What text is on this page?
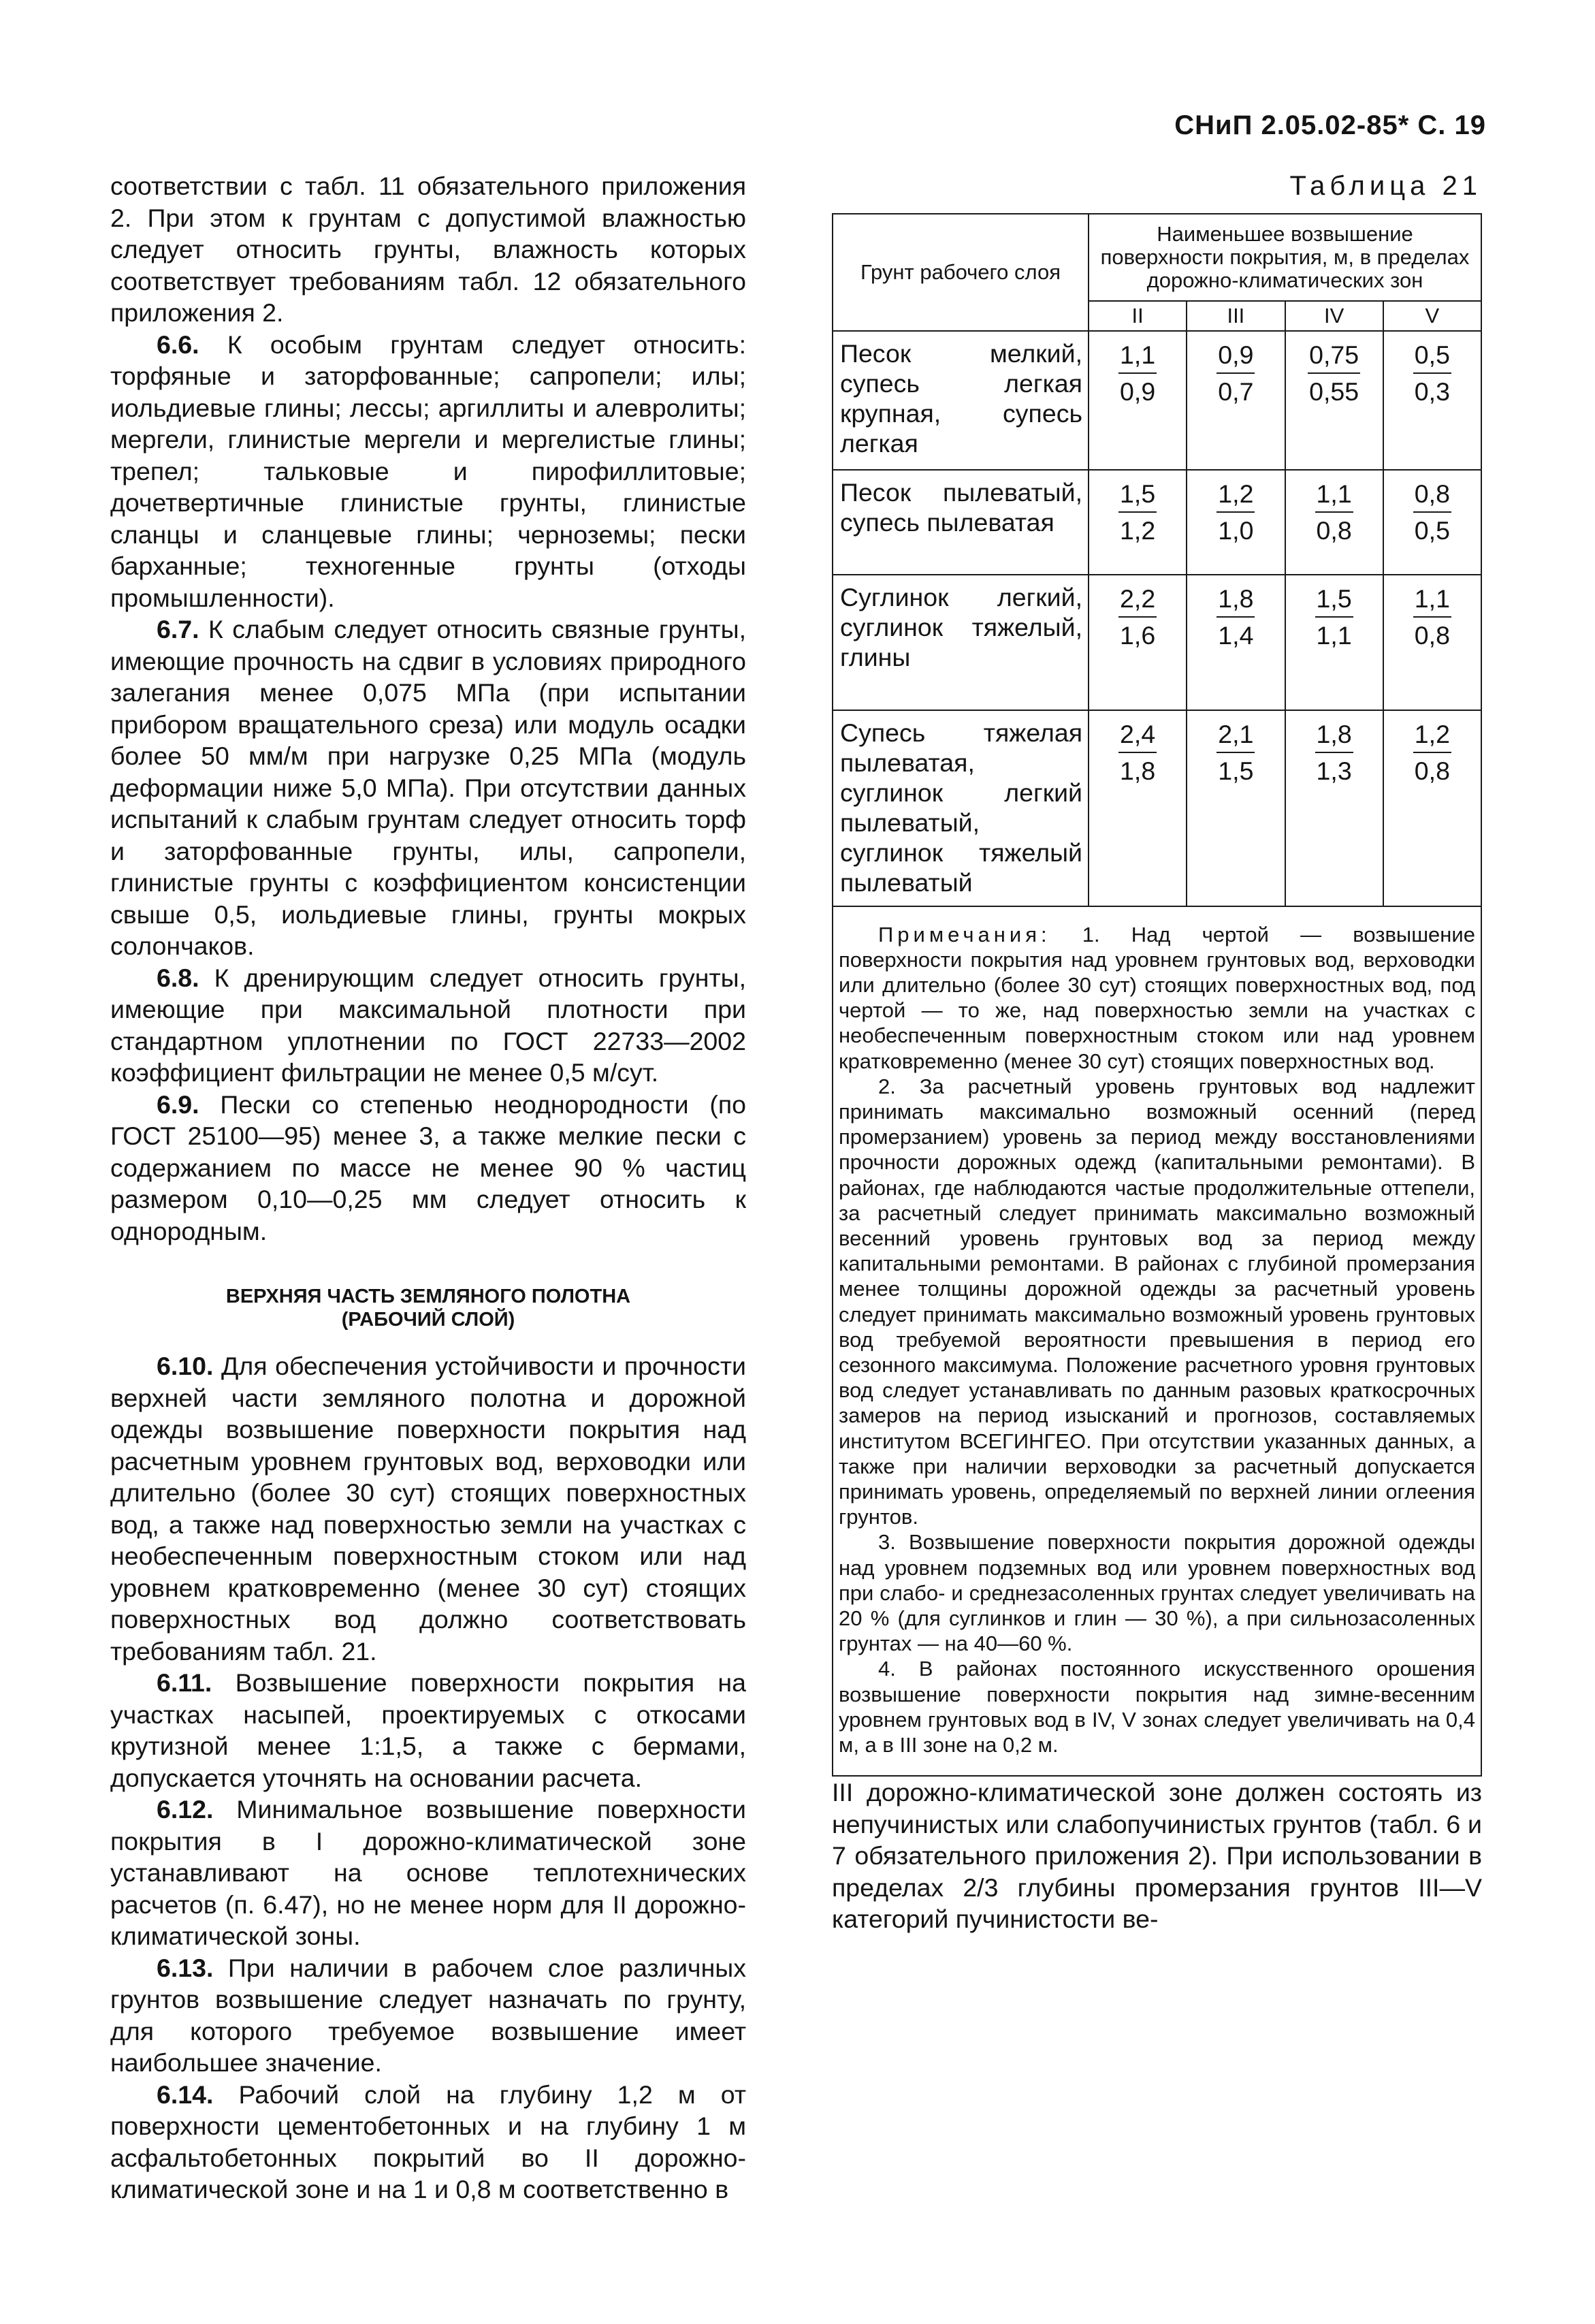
СНиП 2.05.02-85* С. 19

соответствии с табл. 11 обязательного приложения 2. При этом к грунтам с допустимой влажностью следует относить грунты, влажность которых соответствует требованиям табл. 12 обязательного приложения 2.

6.6. К особым грунтам следует относить: торфяные и заторфованные; сапропели; илы; иольдиевые глины; лессы; аргиллиты и алевролиты; мергели, глинистые мергели и мергелистые глины; трепел; тальковые и пирофиллитовые; дочетвертичные глинистые грунты, глинистые сланцы и сланцевые глины; черноземы; пески барханные; техногенные грунты (отходы промышленности).

6.7. К слабым следует относить связные грунты, имеющие прочность на сдвиг в условиях природного залегания менее 0,075 МПа (при испытании прибором вращательного среза) или модуль осадки более 50 мм/м при нагрузке 0,25 МПа (модуль деформации ниже 5,0 МПа). При отсутствии данных испытаний к слабым грунтам следует относить торф и заторфованные грунты, илы, сапропели, глинистые грунты с коэффициентом консистенции свыше 0,5, иольдиевые глины, грунты мокрых солончаков.

6.8. К дренирующим следует относить грунты, имеющие при максимальной плотности при стандартном уплотнении по ГОСТ 22733—2002 коэффициент фильтрации не менее 0,5 м/сут.

6.9. Пески со степенью неоднородности (по ГОСТ 25100—95) менее 3, а также мелкие пески с содержанием по массе не менее 90 % частиц размером 0,10—0,25 мм следует относить к однородным.

ВЕРХНЯЯ ЧАСТЬ ЗЕМЛЯНОГО ПОЛОТНА
(РАБОЧИЙ СЛОЙ)

6.10. Для обеспечения устойчивости и прочности верхней части земляного полотна и дорожной одежды возвышение поверхности покрытия над расчетным уровнем грунтовых вод, верховодки или длительно (более 30 сут) стоящих поверхностных вод, а также над поверхностью земли на участках с необеспеченным поверхностным стоком или над уровнем кратковременно (менее 30 сут) стоящих поверхностных вод должно соответствовать требованиям табл. 21.

6.11. Возвышение поверхности покрытия на участках насыпей, проектируемых с откосами крутизной менее 1:1,5, а также с бермами, допускается уточнять на основании расчета.

6.12. Минимальное возвышение поверхности покрытия в I дорожно-климатической зоне устанавливают на основе теплотехнических расчетов (п. 6.47), но не менее норм для II дорожно-климатической зоны.

6.13. При наличии в рабочем слое различных грунтов возвышение следует назначать по грунту, для которого требуемое возвышение имеет наибольшее значение.

6.14. Рабочий слой на глубину 1,2 м от поверхности цементобетонных и на глубину 1 м асфальтобетонных покрытий во II дорожно-климатической зоне и на 1 и 0,8 м соответственно в

Таблица 21
Грунт рабочего слоя	Наименьшее возвышение поверхности покрытия, м, в пределах дорожно-климатических зон			
	II	III	IV	V
Песок мелкий, супесь легкая крупная, супесь легкая	$\frac{1,1}{0,9}$	$\frac{0,9}{0,7}$	$\frac{0,75}{0,55}$	$\frac{0,5}{0,3}$

Песок пылеватый, супесь пылеватая	$\frac{1,5}{1,2}$	$\frac{1,2}{1,0}$	$\frac{1,1}{0,8}$	$\frac{0,8}{0,5}$

Суглинок легкий, суглинок тяжелый, глины	$\frac{2,2}{1,6}$	$\frac{1,8}{1,4}$	$\frac{1,5}{1,1}$	$\frac{1,1}{0,8}$

Супесь тяжелая пылеватая, суглинок легкий пылеватый, суглинок тяжелый пылеватый	$\frac{2,4}{1,8}$	$\frac{2,1}{1,5}$	$\frac{1,8}{1,3}$	$\frac{1,2}{0,8}$

Примечания: 1. Над чертой — возвышение поверхности покрытия над уровнем грунтовых вод, верховодки или длительно (более 30 сут) стоящих поверхностных вод, под чертой — то же, над поверхностью земли на участках с необеспеченным поверхностным стоком или над уровнем кратковременно (менее 30 сут) стоящих поверхностных вод.

2. За расчетный уровень грунтовых вод надлежит принимать максимально возможный осенний (перед промерзанием) уровень за период между восстановлениями прочности дорожных одежд (капитальными ремонтами). В районах, где наблюдаются частые продолжительные оттепели, за расчетный следует принимать максимально возможный весенний уровень грунтовых вод за период между капитальными ремонтами. В районах с глубиной промерзания менее толщины дорожной одежды за расчетный уровень следует принимать максимально возможный уровень грунтовых вод требуемой вероятности превышения в период его сезонного максимума. Положение расчетного уровня грунтовых вод следует устанавливать по данным разовых краткосрочных замеров на период изысканий и прогнозов, составляемых институтом ВСЕГИНГЕО. При отсутствии указанных данных, а также при наличии верховодки за расчетный допускается принимать уровень, определяемый по верхней линии оглеения грунтов.

3. Возвышение поверхности покрытия дорожной одежды над уровнем подземных вод или уровнем поверхностных вод при слабо- и среднезасоленных грунтах следует увеличивать на 20 % (для суглинков и глин — 30 %), а при сильнозасоленных грунтах — на 40—60 %.

4. В районах постоянного искусственного орошения возвышение поверхности покрытия над зимне-весенним уровнем грунтовых вод в IV, V зонах следует увеличивать на 0,4 м, а в III зоне на 0,2 м.

III дорожно-климатической зоне должен состоять из непучинистых или слабопучинистых грунтов (табл. 6 и 7 обязательного приложения 2). При использовании в пределах 2/3 глубины промерзания грунтов III—V категорий пучинистости ве-
